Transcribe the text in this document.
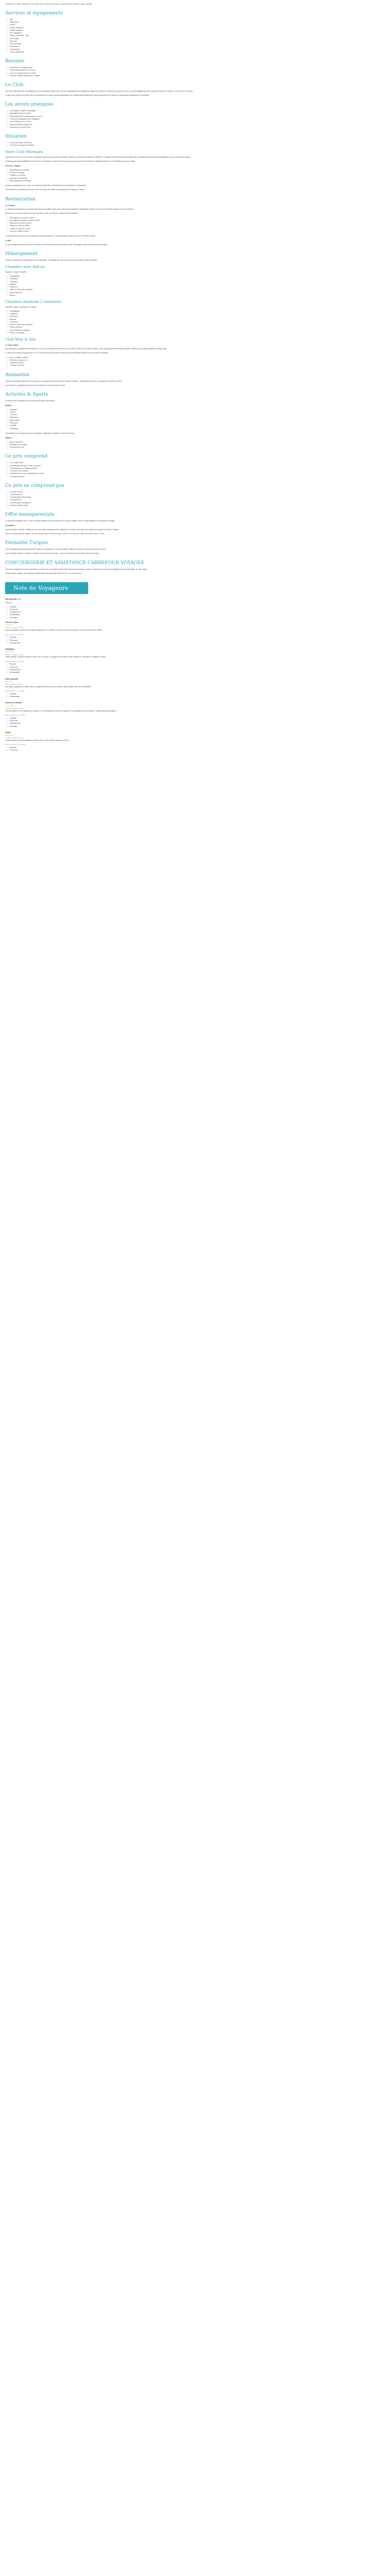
Constructeur 5 étoiles composé de 1 à 4 suites avec terrasse privée dans un environnement hôtelier de grand standing.

Services et équipements
✓ Wifi
✓ Restaurant
✓ Piscine
✓ Piscine extérieure
✓ Piscine chauffée
✓ Parc aquatique
✓ Sauna - Hammam - Spa
✓ Club enfant
✓ Club ado
✓ Service de spa
✓ Plage privée
✓ Conciergerie
✓ Accès handicapés
Résumé
✓ Accès direct à la plage privée
✓ Club enfant gratuit de 4 à 12 ans
✓ Vue sur le lagon depuis les suites
✓ Pension complète disponible en option
Le Club

Votre Club Marmara Vam vit idéalement en environnement calme avec une vue imprenable sur la magnifique plage et la commune tunisienne de Sousse, dans un cadre privilégié pour des vacances réussies en famille, entre amis ou en couple.

Le club vous propose une large offre de restauration, un grand espace aquatique et de nombreuses activités pour petits et grands, le tout dans une atmosphère chaleureuse et conviviale.

Les atouts pratiques
✓ Une plage de sable fin aménagée
✓ Wifi gratuit dans tout l'hôtel
✓ Restaurant buffet et restaurants à la carte
✓ Grand parc aquatique avec toboggans
✓ Club enfants de 4 à 12 ans
✓ Soirées animées chaque soir
✓ Navette vers le centre-ville
Situation
✓ À 5 km du centre de Sousse
✓ À 20 km de l'aéroport d'Enfidha
Votre Club Marmara

Votre club est situé en bord de mer, à quelques minutes de la médina de Sousse, classée au patrimoine mondial de l'UNESCO. Il dispose de 320 chambres réparties dans un bâtiment principal et des bungalows, au cœur d'un jardin tropical.

L'hôtel propose des installations modernes et une ambiance animée tout au long de la journée, avec de nombreuses activités sportives et de détente pour tous les âges.

Services - payant :
✓ Blanchisserie et pressing
✓ Service de change
✓ Location de voitures
✓ Boutique de souvenirs
✓ Baby-sitting (sur demande)

Animaux domestiques non admis. Les cartes de crédit Visa et MasterCard sont acceptées à la réception.

Les chambres sont nettoyées tous les jours et le linge de toilette est changé selon les règles de l'hôtel.

Restauration
Le Frédéric

Le restaurant principal vous accueille sous forme de buffets variés avec cuisine internationale et spécialités locales, et des soirées à thème plusieurs fois par semaine.

Restaurant à la carte ouvert le soir sur réservation, avec une cuisine méditerranéenne raffinée.

✓ Petit déjeuner de 7h00 à 10h00
✓ Petit déjeuner tardif de 10h00 à 10h30
✓ Déjeuner de 12h30 à 14h30
✓ Snack de 12h00 à 16h00
✓ Goûter de 16h00 à 17h00
✓ Dîner de 19h00 à 21h30

La formule tout compris inclut les boissons locales alcoolisées et non alcoolisées servies au verre de 10h00 à 23h00.

Le Bar

Le bar principal est ouvert de 10h00 à 00h00, avec terrasse donnant sur la piscine. Bar de la plage ouvert en journée selon la saison.

Hébergement

Toutes les chambres sont équipées de la climatisation, d'un téléphone, d'un coffre-fort et d'une salle de bains complète.

Chambre avec balcon

Capacité : jusqu'à 3 adultes

✓ Climatisation
✓ Téléphone
✓ Télévision
✓ Mini-bar
✓ Coffre-fort
✓ Salle de bains avec baignoire
✓ Sèche-cheveux
✓ Balcon
Chambre familiale 2 chambres

Capacité : jusqu'à 4 adultes et 2 enfants

✓ Climatisation
✓ Téléphone
✓ Télévision
✓ Mini-bar
✓ Coffre-fort
✓ Salle de bains avec baignoire
✓ Sèche-cheveux
✓ Deux chambres séparées
✓ Balcon ou terrasse
Club Mini & Ado
Le Club enfant

Nos animateurs accueillent les enfants de 4 à 12 ans, du dimanche au vendredi, de 10h00 à 12h00 et de 15h00 à 18h00, avec un programme d'activités ludiques, créatives et sportives adaptées à chaque âge.

Le club ado accueille les jeunes de 13 à 17 ans pendant les vacances scolaires avec des activités sportives et des sorties encadrées.

✓ Jeux et ateliers créatifs
✓ Mini-disco chaque soir
✓ Activités sportives
✓ Tournois et sorties
Animation

L'équipe d'animation Marmara vous propose un programme varié en journée comme en soirée : activités sportives, jeux, spectacles et soirées à thème.

Les soirées se prolongent au bar avec une ambiance musicale jusqu'à minuit.

Activités & Sports

Un large choix d'activités vous est proposé pendant votre séjour.

Gratuit :
✓ Aquagym
✓ Fitness
✓ Tir à l'arc
✓ Pétanque
✓ Beach-volley
✓ Ping-pong
✓ Football
✓ Stretching

Les activités sont encadrées par nos animateurs diplômés et adaptées à tous les niveaux.

Payant :
✓ Sports nautiques
✓ Équitation sur la plage
✓ Excursions en mer
Ce prix comprend
✓ Le vol aller-retour
✓ Les transferts aéroport / hôtel / aéroport
✓ L'hébergement en chambre double
✓ La formule tout compris
✓ L'assistance de notre représentant sur place
✓ Les taxes aéroport
Ce prix ne comprend pas
✓ Les frais de visa
✓ Les assurances
✓ Les dépenses personnelles
✓ Les pourboires
✓ Les excursions facultatives
✓ La taxe de séjour locale
Offre monoparentale

Un adulte accompagné d'un ou deux enfants bénéficie d'une réduction sur le prix des enfants, selon les disponibilités et la période de voyage.

Annulation

Toute annulation doit être notifiée par écrit. Des frais d'annulation sont appliqués en fonction de la date d'annulation par rapport à la date de départ.

Plus de 30 jours avant le départ : 10% du montant total. De 30 à 21 jours : 25%. De 20 à 8 jours : 50%. Moins de 8 jours : 100%.

Formalité Turquie

Les ressortissants français doivent être munis d'un passeport en cours de validité, valable au moins 6 mois après la date de retour.

Les formalités de santé et autres conditions d'entrée peuvent évoluer : nous vous invitons à les vérifier avant votre départ.

CONCIERGERIE ET ASSISTANCE CARREFOUR VOYAGES

Carrefour Voyages met à votre disposition un service de conciergerie avant votre départ pour répondre à toutes vos questions et vous accompagner dans la préparation de votre séjour.

Pendant votre voyage, une assistance téléphonique est disponible 24h/24 et 7j/7 en cas de besoin.

Note de Voyageurs
Note générale 4,6/5
132 avis
✓ Propreté
✓ Personnel
✓ Emplacement
✓ Restauration
✓ Animation
Très bon séjour
★★★★★
Famille · Voyageur vérifié

Club très agréable, personnel souriant et disponible. Les enfants ont adoré le club et la piscine. Nous reviendrons avec plaisir.

Date du séjour : mai 2024
✓ Propreté
✓ Personnel
✓ Emplacement
Magnifique
★★★★★
Couple · Voyageur vérifié

Cadre superbe, chambre spacieuse avec vue sur la mer. La plage est très belle et bien entretenue. Animation de qualité en soirée.

Date du séjour : avril 2024
✓ Propreté
✓ Personnel
✓ Emplacement
✓ Restauration
Séjour agréable
★★★★☆
Amis · Voyageur vérifié

Bon rapport qualité-prix. Repas variés, quelques attentes au bar en soirée, mais l'équipe reste très accueillante.

Date du séjour : mars 2024
✓ Propreté
✓ Restauration
Vacances en famille
★★★★★
Famille · Voyageur vérifié

Très bel hôtel pour une famille avec enfants. Le club enfants est très bien organisé et les activités sont nombreuses. Plage et piscines parfaites.

Date du séjour : février 2024
✓ Propreté
✓ Personnel
✓ Emplacement
✓ Animation
Parfait
★★★★★
Couple · Voyageur vérifié

Excellent séjour, tout était parfait du début à la fin. Merci à toute l'équipe de l'hôtel.

Date du séjour : janvier 2024
✓ Propreté
✓ Personnel
